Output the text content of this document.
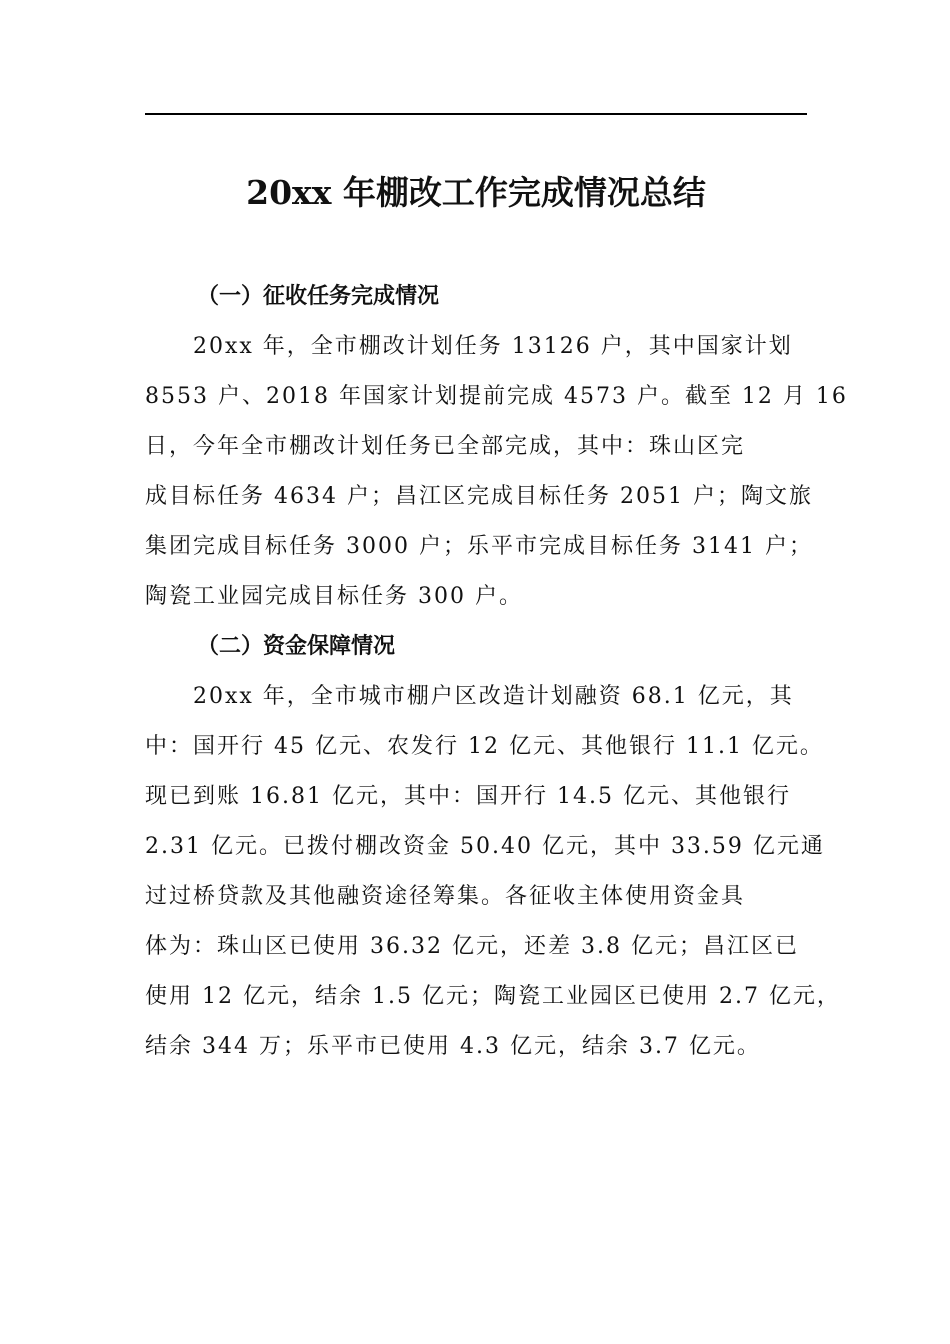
20xx 年棚改工作完成情况总结
（一）征收任务完成情况

20xx 年，全市棚改计划任务 13126 户，其中国家计划
8553 户、2018 年国家计划提前完成 4573 户。截至 12 月 16
日，今年全市棚改计划任务已全部完成，其中：珠山区完
成目标任务 4634 户；昌江区完成目标任务 2051 户；陶文旅
集团完成目标任务 3000 户；乐平市完成目标任务 3141 户；
陶瓷工业园完成目标任务 300 户。

（二）资金保障情况

20xx 年，全市城市棚户区改造计划融资 68.1 亿元，其
中：国开行 45 亿元、农发行 12 亿元、其他银行 11.1 亿元。
现已到账 16.81 亿元，其中：国开行 14.5 亿元、其他银行
2.31 亿元。已拨付棚改资金 50.40 亿元，其中 33.59 亿元通
过过桥贷款及其他融资途径筹集。各征收主体使用资金具
体为：珠山区已使用 36.32 亿元，还差 3.8 亿元；昌江区已
使用 12 亿元，结余 1.5 亿元；陶瓷工业园区已使用 2.7 亿元，
结余 344 万；乐平市已使用 4.3 亿元，结余 3.7 亿元。
